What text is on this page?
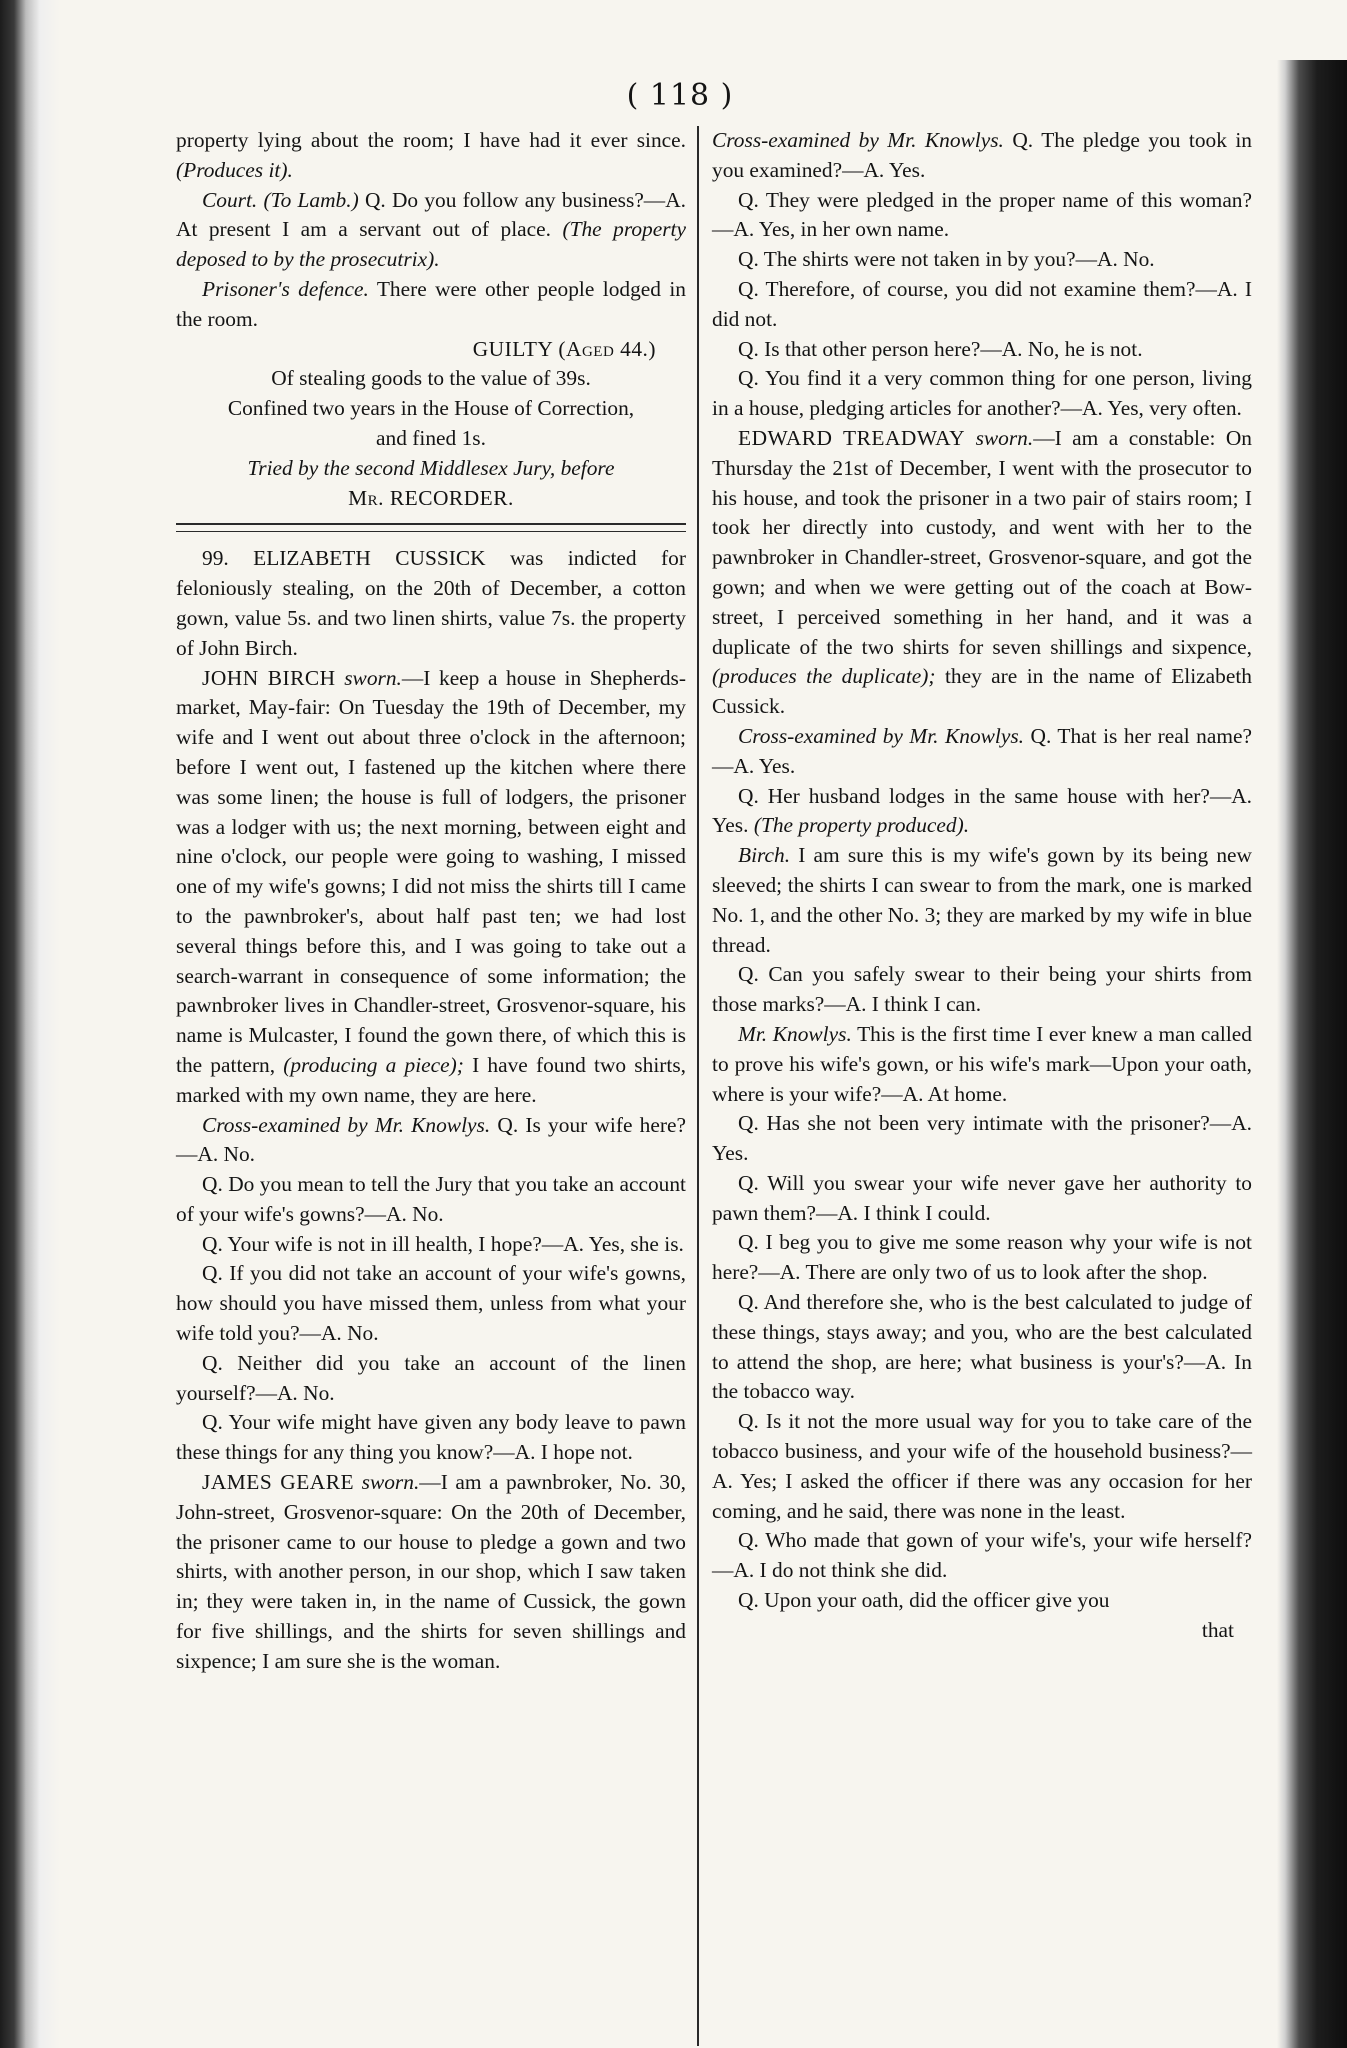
( 118 )

property lying about the room; I have had it ever since. (Produces it).

Court. (To Lamb.) Q. Do you follow any business?—A. At present I am a servant out of place. (The property deposed to by the prosecutrix).

Prisoner's defence. There were other people lodged in the room.

GUILTY (Aged 44.)

Of stealing goods to the value of 39s.

Confined two years in the House of Correction,

and fined 1s.

Tried by the second Middlesex Jury, before

Mr. RECORDER.

99. ELIZABETH CUSSICK was indicted for feloniously stealing, on the 20th of December, a cotton gown, value 5s. and two linen shirts, value 7s. the property of John Birch.

JOHN BIRCH sworn.—I keep a house in Shepherds-market, May-fair: On Tuesday the 19th of December, my wife and I went out about three o'clock in the afternoon; before I went out, I fastened up the kitchen where there was some linen; the house is full of lodgers, the prisoner was a lodger with us; the next morning, between eight and nine o'clock, our people were going to washing, I missed one of my wife's gowns; I did not miss the shirts till I came to the pawnbroker's, about half past ten; we had lost several things before this, and I was going to take out a search-warrant in consequence of some information; the pawnbroker lives in Chandler-street, Grosvenor-square, his name is Mulcaster, I found the gown there, of which this is the pattern, (producing a piece); I have found two shirts, marked with my own name, they are here.

Cross-examined by Mr. Knowlys. Q. Is your wife here?—A. No.

Q. Do you mean to tell the Jury that you take an account of your wife's gowns?—A. No.

Q. Your wife is not in ill health, I hope?—A. Yes, she is.

Q. If you did not take an account of your wife's gowns, how should you have missed them, unless from what your wife told you?—A. No.

Q. Neither did you take an account of the linen yourself?—A. No.

Q. Your wife might have given any body leave to pawn these things for any thing you know?—A. I hope not.

JAMES GEARE sworn.—I am a pawnbroker, No. 30, John-street, Grosvenor-square: On the 20th of December, the prisoner came to our house to pledge a gown and two shirts, with another person, in our shop, which I saw taken in; they were taken in, in the name of Cussick, the gown for five shillings, and the shirts for seven shillings and sixpence; I am sure she is the woman.

Cross-examined by Mr. Knowlys. Q. The pledge you took in you examined?—A. Yes.

Q. They were pledged in the proper name of this woman?—A. Yes, in her own name.

Q. The shirts were not taken in by you?—A. No.

Q. Therefore, of course, you did not examine them?—A. I did not.

Q. Is that other person here?—A. No, he is not.

Q. You find it a very common thing for one person, living in a house, pledging articles for another?—A. Yes, very often.

EDWARD TREADWAY sworn.—I am a constable: On Thursday the 21st of December, I went with the prosecutor to his house, and took the prisoner in a two pair of stairs room; I took her directly into custody, and went with her to the pawnbroker in Chandler-street, Grosvenor-square, and got the gown; and when we were getting out of the coach at Bow-street, I perceived something in her hand, and it was a duplicate of the two shirts for seven shillings and sixpence, (produces the duplicate); they are in the name of Elizabeth Cussick.

Cross-examined by Mr. Knowlys. Q. That is her real name?—A. Yes.

Q. Her husband lodges in the same house with her?—A. Yes. (The property produced).

Birch. I am sure this is my wife's gown by its being new sleeved; the shirts I can swear to from the mark, one is marked No. 1, and the other No. 3; they are marked by my wife in blue thread.

Q. Can you safely swear to their being your shirts from those marks?—A. I think I can.

Mr. Knowlys. This is the first time I ever knew a man called to prove his wife's gown, or his wife's mark—Upon your oath, where is your wife?—A. At home.

Q. Has she not been very intimate with the prisoner?—A. Yes.

Q. Will you swear your wife never gave her authority to pawn them?—A. I think I could.

Q. I beg you to give me some reason why your wife is not here?—A. There are only two of us to look after the shop.

Q. And therefore she, who is the best calculated to judge of these things, stays away; and you, who are the best calculated to attend the shop, are here; what business is your's?—A. In the tobacco way.

Q. Is it not the more usual way for you to take care of the tobacco business, and your wife of the household business?—A. Yes; I asked the officer if there was any occasion for her coming, and he said, there was none in the least.

Q. Who made that gown of your wife's, your wife herself?—A. I do not think she did.

Q. Upon your oath, did the officer give you

that
